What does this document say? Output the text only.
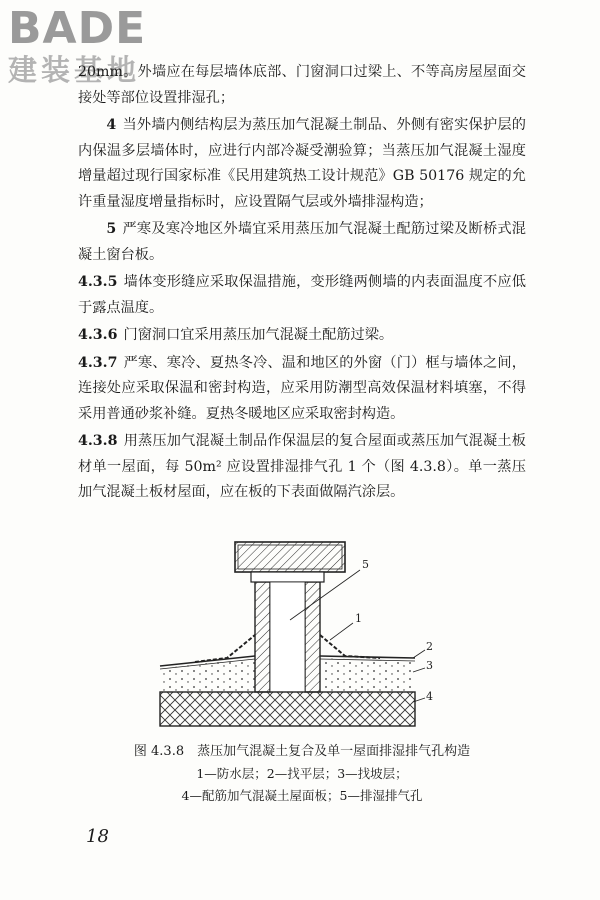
BADE
建装基地

20mm。外墙应在每层墙体底部、门窗洞口过梁上、不等高房屋屋面交接处等部位设置排湿孔；

4 当外墙内侧结构层为蒸压加气混凝土制品、外侧有密实保护层的内保温多层墙体时，应进行内部冷凝受潮验算；当蒸压加气混凝土湿度增量超过现行国家标准《民用建筑热工设计规范》GB 50176 规定的允许重量湿度增量指标时，应设置隔气层或外墙排湿构造；

5 严寒及寒冷地区外墙宜采用蒸压加气混凝土配筋过梁及断桥式混凝土窗台板。

4.3.5 墙体变形缝应采取保温措施，变形缝两侧墙的内表面温度不应低于露点温度。

4.3.6 门窗洞口宜采用蒸压加气混凝土配筋过梁。

4.3.7 严寒、寒冷、夏热冬冷、温和地区的外窗（门）框与墙体之间，连接处应采取保温和密封构造，应采用防潮型高效保温材料填塞，不得采用普通砂浆补缝。夏热冬暖地区应采取密封构造。

4.3.8 用蒸压加气混凝土制品作保温层的复合屋面或蒸压加气混凝土板材单一屋面，每 50m² 应设置排湿排气孔 1 个（图 4.3.8）。单一蒸压加气混凝土板材屋面，应在板的下表面做隔汽涂层。

5
1
2
3
4
图 4.3.8　蒸压加气混凝土复合及单一屋面排湿排气孔构造
1—防水层；2—找平层；3—找坡层；
4—配筋加气混凝土屋面板；5—排湿排气孔
18
